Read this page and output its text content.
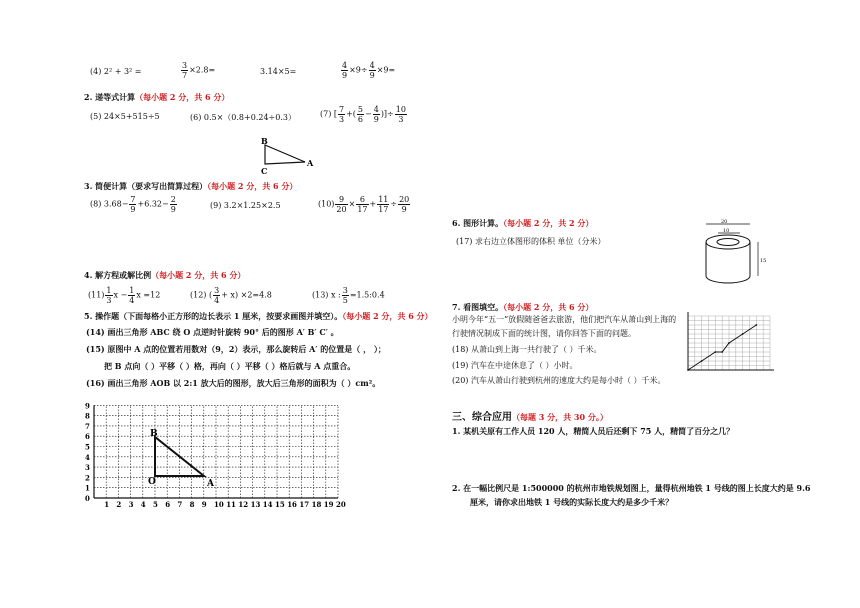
(4) 2² + 3² =	$\frac{3}{7} \times 2.8=$	3.14×5=	$\frac{4}{9} \times 9\div \frac{4}{9} \times 9=$
2. 递等式计算（每小题 2 分，共 6 分）
(5) 24×5+515÷5	(6) 0.5×（0.8+0.24÷0.3）	(7) [ $\frac{7}{3}$ +( $\frac{5}{6} - \frac{4}{9}$ )]÷ $\frac{10}{3}$
B
A
C
3. 简便计算（要求写出简算过程）（每小题 2 分，共 6 分）
(8) $3.68- \frac{7}{9} +6.32- \frac{2}{9}$	(9) 3.2×1.25×2.5	$(10) \frac{9}{20} \times \frac{6}{17} + \frac{11}{17} \div \frac{20}{9}$
4. 解方程或解比例（每小题 2 分，共 6 分）
$(11) \frac{1}{3}$ $x - \frac{1}{4}$ x =12	(12) ( $\frac{3}{4} + x) \times 2=4.8$	(13) x : $\frac{3}{5}$ =1.5:0.4
5. 操作题（下面每格小正方形的边长表示 1 厘米，按要求画图并填空）。（每小题 2 分，共 6 分）
(14) 画出三角形 ABC 绕 O 点逆时针旋转 90° 后的图形 A′ B′ C′ 。
(15) 原图中 A 点的位置若用数对（9，2）表示，那么旋转后 A′ 的位置是（ ， ）；
把 B 点向（ ）平移（ ）格，再向（ ）平移（ ）格后就与 A 点重合。
(16) 画出三角形 AOB 以 2:1 放大后的图形，放大后三角形的面积为（ ）cm²。
1 2 3 4 5 6 7 8 9 10 11 12 13 14 15 16 17 18 19 20
0
1
2
3
4
5
6
7
8
9
B
O	A
6. 图形计算。（每小题 2 分，共 2 分）
(17) 求右边立体图形的体积 单位（分米）
20
10
15
7. 看图填空。（每小题 2 分，共 6 分）
小明今年“五一”放假随爸爸去旅游，他们把汽车从萧山到上海的
行驶情况制成下面的统计图，请你回答下面的问题。
(18) 从萧山到上海一共行驶了（ ）千米。
(19) 汽车在中途休息了（ ）小时。
(20) 汽车从萧山行驶到杭州的速度大约是每小时（ ）千米。
三、综合应用（每题 3 分，共 30 分。）
1. 某机关原有工作人员 120 人，精简人员后还剩下 75 人，精简了百分之几？
2. 在一幅比例尺是 1:500000 的杭州市地铁规划图上，量得杭州地铁 1 号线的图上长度大约是 9.6
厘米，请你求出地铁 1 号线的实际长度大约是多少千米？
